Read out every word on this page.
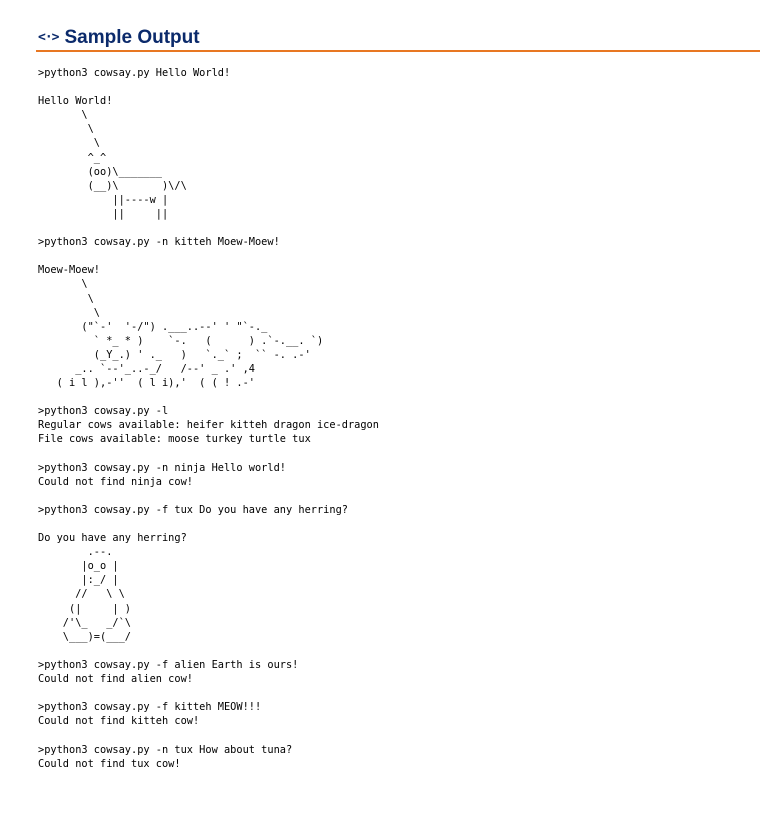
<·> Sample Output
>python3 cowsay.py Hello World!

Hello World!
\
\
\
^_^
(oo)\_______
(__)\       )\/\
||----w |
||     ||

>python3 cowsay.py -n kitteh Moew-Moew!

Moew-Moew!
\
\
\
("`-'  '-/") .___..--' ' "`-._
` *_ * )    `-.   (      ) .`-.__. `)
(_Y_.) ' ._   )   `._` ;  `` -. .-'
_.. `--'_..-_/   /--' _ .' ,4
( i l ),-''  ( l i),'  ( ( ! .-'

>python3 cowsay.py -l
Regular cows available: heifer kitteh dragon ice-dragon
File cows available: moose turkey turtle tux

>python3 cowsay.py -n ninja Hello world!
Could not find ninja cow!

>python3 cowsay.py -f tux Do you have any herring?

Do you have any herring?
.--.
|o_o |
|:_/ |
//   \ \
(|     | )
/'\_   _/`\
\___)=(___/

>python3 cowsay.py -f alien Earth is ours!
Could not find alien cow!

>python3 cowsay.py -f kitteh MEOW!!!
Could not find kitteh cow!

>python3 cowsay.py -n tux How about tuna?
Could not find tux cow!
